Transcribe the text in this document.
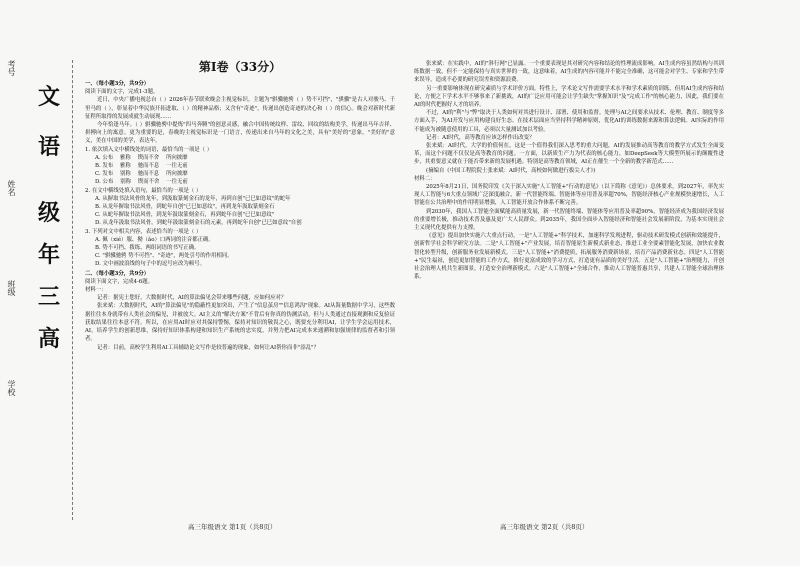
学校
班级
姓名
考号
高
三
年
级
语
文
第Ⅰ卷（33分）
一、（每小题3分，共9分）
阅读下面的文字，完成1-3题。
近日，中央广播电视总台（ ）2026年春节联欢晚会主视觉标识。主题为"骐骥驰骋（ ）势不可挡"，"骐骥"是古人对骏马、千里马的（ ），彰显着中华民族开拓进取、（ ）的精神品格；又含有"奇迹"，传递出创造奇迹的决心和（ ）的信心。晚会对新时代新征程所取得的发展成就生动展现……
今年恰逢马年。（ ）骐骥驰骋中提炼"四马奔腾"的创意灵感，融合中国传统纹样、雷纹、回纹的结构美学，传递出马年吉祥、拼搏向上的寓意。更为重要的是，春晚的主视觉标识是一门语言，传递出来自马年的文化之美，具有"美好的"意象，"美好的"意义，美在中国的美学，表达年。
1. 依次填入文中横线处的词语，最恰当的一项是（ ）
A. 公布    雅称    锲而不舍    所向披靡
B. 发布    雅称    驰而不息    一往无前
C. 发布    别称    驰而不息    所向披靡
D. 公布    别称    锲而不舍    一往无前
2. 在文中横线处填入语句，最恰当的一项是（ ）
A. 从摒取书法风骨的龙年，到汲取篆刻金石的龙年，再到自创"已巳如意纹"的蛇年
B. 从龙年摒取书法风骨，到蛇年自创"已巳如意纹"，再到龙年汲取篆刻金石
C. 从蛇年摒取书法风骨，到龙年汲取篆刻金石，再到蛇年自创"已巳如意纹"
D. 从龙年汲取书法风骨，到蛇年汲取篆刻金石的元素，再到蛇年自创"已巳如意纹"自创
3. 下列对文中相关内容，表述恰当的一项是（ ）
A. 佩（xié）服、拗（ǎo）口两词的注音都正确。
B. 势不可挡、拨练、两组词语的书写正确。
C. "骐骥驰骋 势不可挡"、"奇迹"，两处引号的作用相同。
D. 文中画波浪线的句子中的逗号应改为顿号。
二、（每小题3分，共9分）
阅读下面文字，完成4-6题。
材料一：
记者：据宪士您好，大数据时代，AI的算法偏见会带来哪些问题，应如何应对？
张来斌：大数据时代，AI的"算法偏见"的隐蔽性更加突出，产生了"信息茧房""信息鸿沟"现象。AI从海量数据中学习，这些数据往往本身就带有人类社会的偏见，并被放大。AI主义的"解决方案"不背后有你真的伪测活动，但与人类通过直接观测和反复验证获取结果往往本意不符。所以，在应用AI时应对其保持警惕，保持对知识的敬畏之心，既要充分利用AI，让学生学会运用技术，AI，培养学生的创新思维，保持好知识体系构建和知识生产系统的忠实度，并努力把AI完成本来通溯和加强规律的监督者和引领者。
记者：目前，高校学生利用AI工具辅助论文写作是较普遍的现象，如何让AI帮你而非"添乱"？
高三年级语文 第1页（共8页）
张来斌：在实践中，AI的"斜行网"已显露。一个重要表现是其对研究内容和结论的性理流成影响。AI生成内容虽然结构与其训练数据一致，但不一定能保持与真实世界的一致，这意味着，AI生成的内容可能并不能完全准确，这可能会对学生、专家和学生带来误导，造成不必要的研究误差和资源浪费。
另一重要影响体现在研究素质与学术评价方面。特性上，学术论文写作需要学术水平和学术素质的训练，但用AI生成内容和结论，方便之下学术水平不够事来了新挑战，AI的广泛应用可能会让学生缺失"掌握知识"及"完成工作"的核心能力，因此，我们要在AI的时代把握好人才的培养。
不过，AI的"利"与"弊"取决于人类如何对其进行设计、部署、使用和监督。处理与AI之间要求从技术、伦理、教育、制度等多方面入手，为AI开发与应用构建良好生态。在技术层面应当坚持科学精神原则，优化AI的训练数据来源和算法逻辑。AI实际的作用不能成为被随意使用的工具，必须以大量测试加以考验。
记者：AI时代，高等教育应该怎样作出改变？
张来斌：AI时代，大学的价值何在，这是一个值得我们深入思考的重大问题，AI的发展推动高等教育的教学方式发生全面变革，而这个问题不仅仅是高等教育的问题。一方面，以新质生产力为代表的核心能力，如DeepSeek等大模型所展示的颠覆性进步，其重要意义就在于能否带来新的发展机遇。特别是高等教育领域，AI正在催生一个全新的教学新范式……
(摘编自《中国工程院院士张来斌：AI时代，高校如何做进行拔尖人才》)
材料二：
2025年8月21日，国务院印发《关于深入实施"人工智能+"行动的意见》（以下简称《意见》）总体要求，到2027年，率先实现人工智能与6大重点领域广泛深度融合，新一代智能终端、智能体等应用普及率超70%，智能经济核心产业规模快速增长，人工智能在公共治理中的作用明显增强，人工智能开放合作体系不断完善。
到2030年，我国人工智能全面赋能高质量发展，新一代智能终端、智能体等应用普及率超90%，智能经济成为我国经济发展的重要增长极，推动技术普及惠及更广大人民群众。到2035年，我国全面步入智能经济和智能社会发展新阶段，为基本实现社会主义现代化提供有力支撑。
《意见》提出加快实施六大重点行动，一是"人工智能+"科学技术，加速科学发现进程，驱动技术研发模式创新和效能提升，创新哲学社会科学研究方法。二是"人工智能+"产业发展，培育智能原生新模式新业态，推进工业全要素智能化发展，加快农业数智化转型升级，创新服务业发展新模式。三是"人工智能+"消费提质，拓展服务消费新场景，培育产品消费新业态。四是"人工智能+"民生福祉，创造更加智能的工作方式，推行更富成效的学习方式，打造更有品质的美好生活。五是"人工智能+"治理能力，开创社会治理人机共生新图景，打造安全治理新模式。六是"人工智能+"全球合作，推动人工智能普惠共享，共建人工智能全球治理体系。
高三年级语文 第2页（共8页）
